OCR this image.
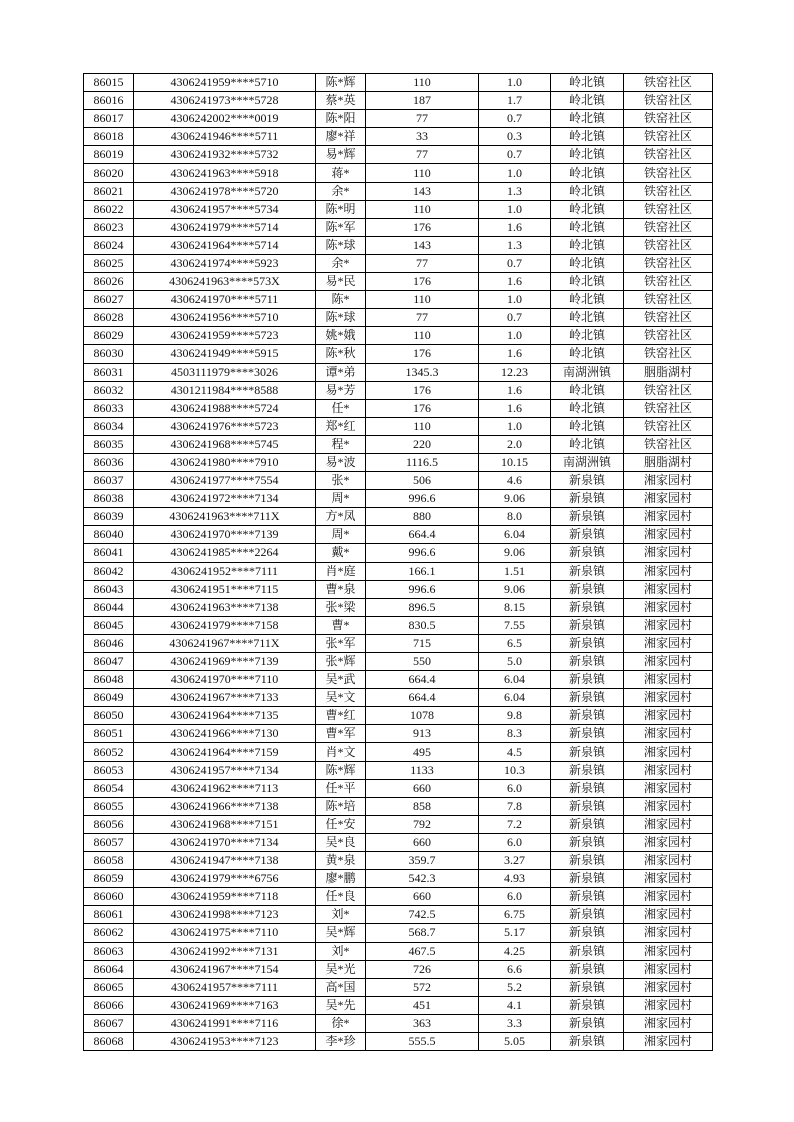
86015	4306241959****5710	陈*辉	110	1.0	岭北镇	铁窑社区
86016	4306241973****5728	蔡*英	187	1.7	岭北镇	铁窑社区
86017	4306242002****0019	陈*阳	77	0.7	岭北镇	铁窑社区
86018	4306241946****5711	廖*祥	33	0.3	岭北镇	铁窑社区
86019	4306241932****5732	易*辉	77	0.7	岭北镇	铁窑社区
86020	4306241963****5918	蒋*	110	1.0	岭北镇	铁窑社区
86021	4306241978****5720	余*	143	1.3	岭北镇	铁窑社区
86022	4306241957****5734	陈*明	110	1.0	岭北镇	铁窑社区
86023	4306241979****5714	陈*军	176	1.6	岭北镇	铁窑社区
86024	4306241964****5714	陈*球	143	1.3	岭北镇	铁窑社区
86025	4306241974****5923	余*	77	0.7	岭北镇	铁窑社区
86026	4306241963****573X	易*民	176	1.6	岭北镇	铁窑社区
86027	4306241970****5711	陈*	110	1.0	岭北镇	铁窑社区
86028	4306241956****5710	陈*球	77	0.7	岭北镇	铁窑社区
86029	4306241959****5723	姚*娥	110	1.0	岭北镇	铁窑社区
86030	4306241949****5915	陈*秋	176	1.6	岭北镇	铁窑社区
86031	4503111979****3026	谭*弟	1345.3	12.23	南湖洲镇	胭脂湖村
86032	4301211984****8588	易*芳	176	1.6	岭北镇	铁窑社区
86033	4306241988****5724	任*	176	1.6	岭北镇	铁窑社区
86034	4306241976****5723	郑*红	110	1.0	岭北镇	铁窑社区
86035	4306241968****5745	程*	220	2.0	岭北镇	铁窑社区
86036	4306241980****7910	易*波	1116.5	10.15	南湖洲镇	胭脂湖村
86037	4306241977****7554	张*	506	4.6	新泉镇	湘家园村
86038	4306241972****7134	周*	996.6	9.06	新泉镇	湘家园村
86039	4306241963****711X	方*凤	880	8.0	新泉镇	湘家园村
86040	4306241970****7139	周*	664.4	6.04	新泉镇	湘家园村
86041	4306241985****2264	戴*	996.6	9.06	新泉镇	湘家园村
86042	4306241952****7111	肖*庭	166.1	1.51	新泉镇	湘家园村
86043	4306241951****7115	曹*泉	996.6	9.06	新泉镇	湘家园村
86044	4306241963****7138	张*梁	896.5	8.15	新泉镇	湘家园村
86045	4306241979****7158	曹*	830.5	7.55	新泉镇	湘家园村
86046	4306241967****711X	张*军	715	6.5	新泉镇	湘家园村
86047	4306241969****7139	张*辉	550	5.0	新泉镇	湘家园村
86048	4306241970****7110	吴*武	664.4	6.04	新泉镇	湘家园村
86049	4306241967****7133	吴*文	664.4	6.04	新泉镇	湘家园村
86050	4306241964****7135	曹*红	1078	9.8	新泉镇	湘家园村
86051	4306241966****7130	曹*军	913	8.3	新泉镇	湘家园村
86052	4306241964****7159	肖*文	495	4.5	新泉镇	湘家园村
86053	4306241957****7134	陈*辉	1133	10.3	新泉镇	湘家园村
86054	4306241962****7113	任*平	660	6.0	新泉镇	湘家园村
86055	4306241966****7138	陈*培	858	7.8	新泉镇	湘家园村
86056	4306241968****7151	任*安	792	7.2	新泉镇	湘家园村
86057	4306241970****7134	吴*良	660	6.0	新泉镇	湘家园村
86058	4306241947****7138	黄*泉	359.7	3.27	新泉镇	湘家园村
86059	4306241979****6756	廖*鹏	542.3	4.93	新泉镇	湘家园村
86060	4306241959****7118	任*良	660	6.0	新泉镇	湘家园村
86061	4306241998****7123	刘*	742.5	6.75	新泉镇	湘家园村
86062	4306241975****7110	吴*辉	568.7	5.17	新泉镇	湘家园村
86063	4306241992****7131	刘*	467.5	4.25	新泉镇	湘家园村
86064	4306241967****7154	吴*光	726	6.6	新泉镇	湘家园村
86065	4306241957****7111	高*国	572	5.2	新泉镇	湘家园村
86066	4306241969****7163	吴*先	451	4.1	新泉镇	湘家园村
86067	4306241991****7116	徐*	363	3.3	新泉镇	湘家园村
86068	4306241953****7123	李*珍	555.5	5.05	新泉镇	湘家园村
